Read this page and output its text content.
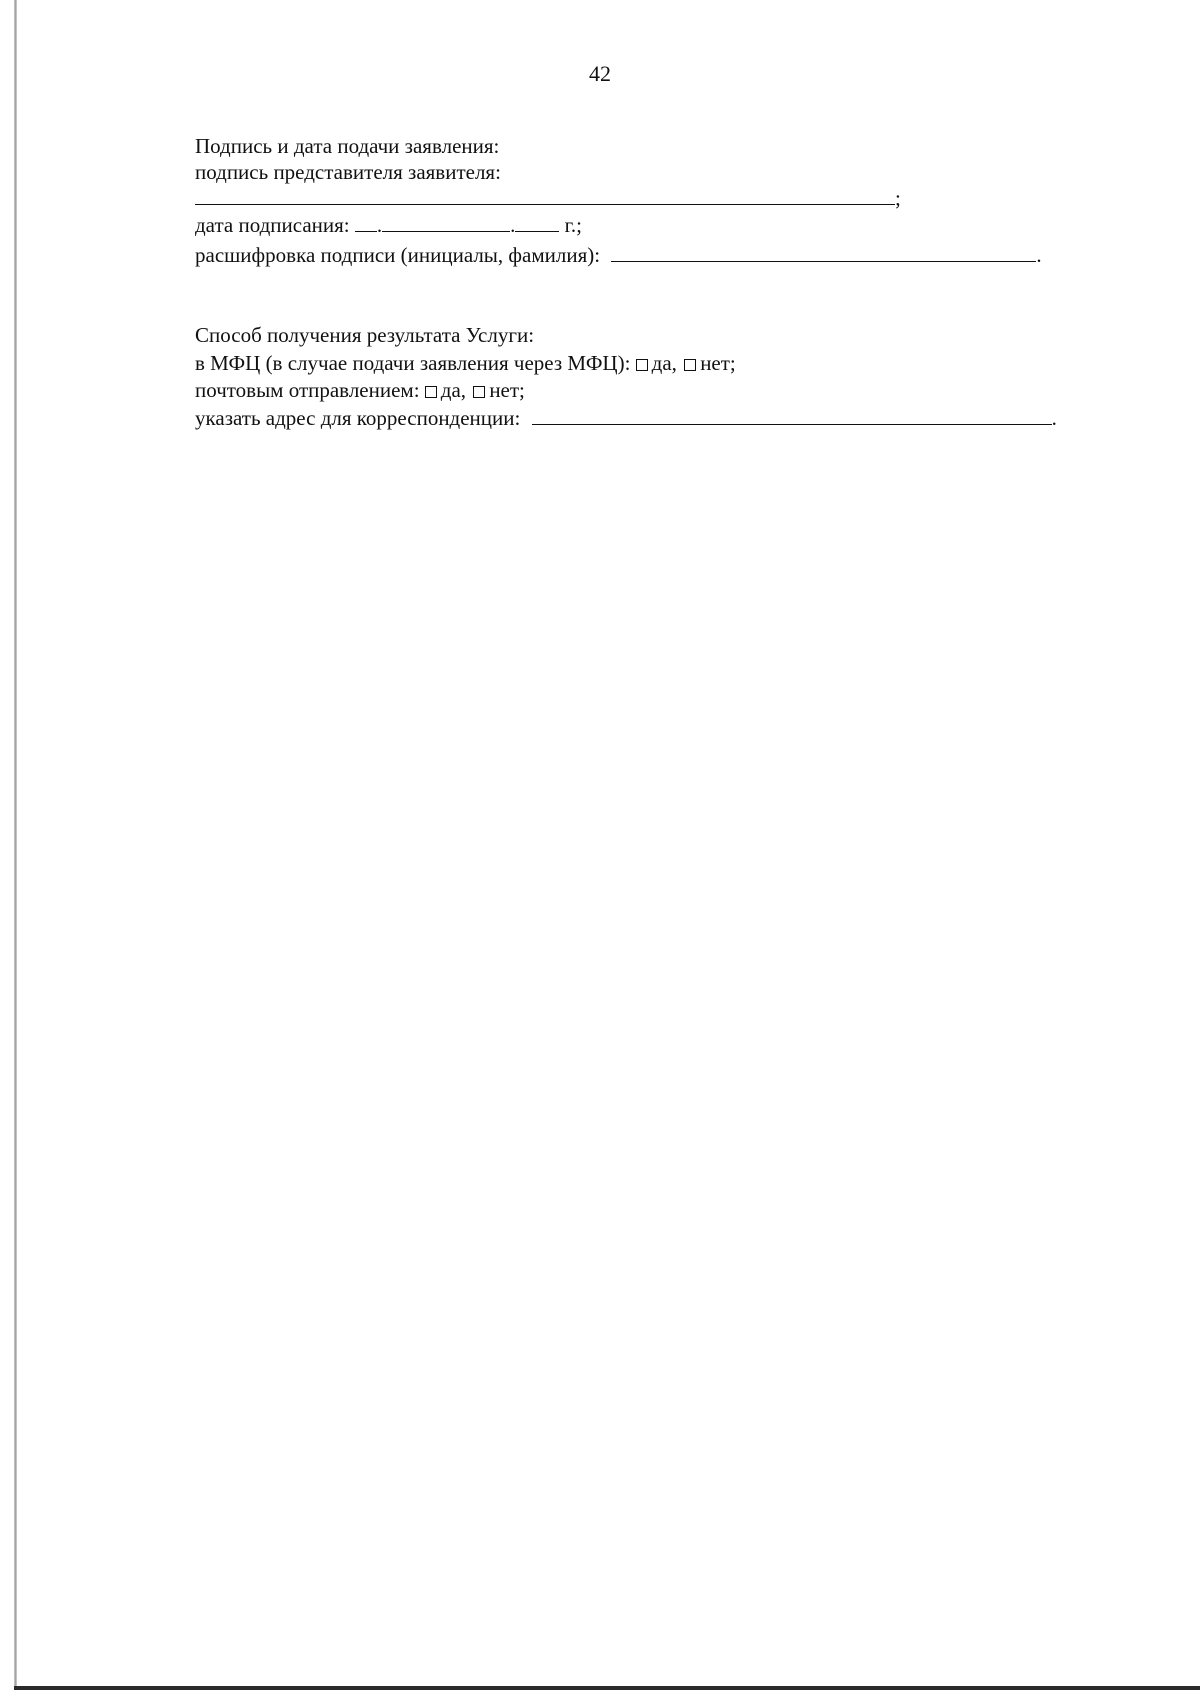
42
Подпись и дата подачи заявления:
подпись представителя заявителя:
;
дата подписания: .	. г.;
расшифровка подписи (инициалы, фамилия):	.
Способ получения результата Услуги:
в МФЦ (в случае подачи заявления через МФЦ): да, нет;
почтовым отправлением: да, нет;
указать адрес для корреспонденции:	.
